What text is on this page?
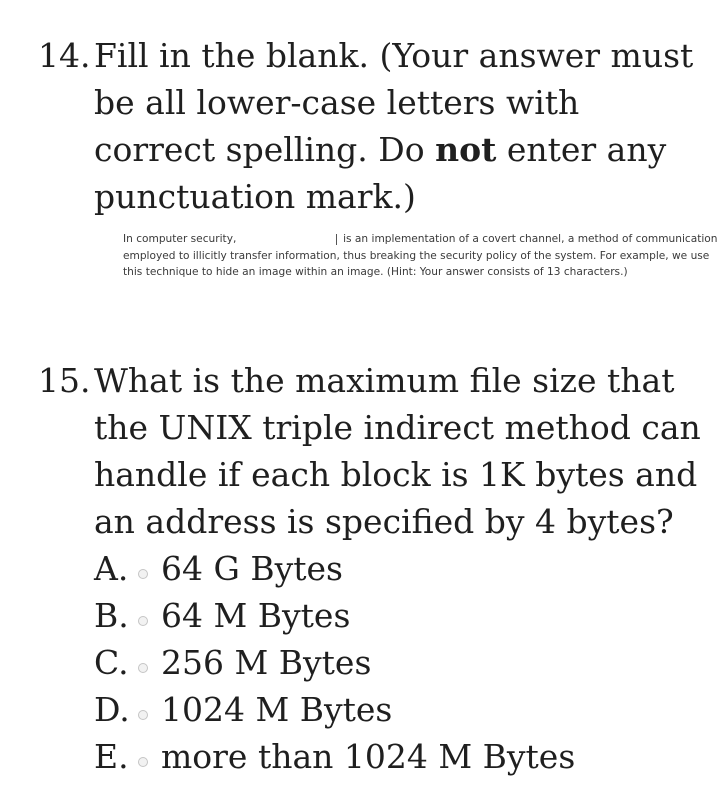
14. Fill in the blank. (Your answer must be all lower-case letters with correct spelling. Do not enter any punctuation mark.)
In computer security,	is an implementation of a covert channel, a method of communication employed to illicitly transfer information, thus breaking the security policy of the system. For example, we use this technique to hide an image within an image. (Hint: Your answer consists of 13 characters.)
15. What is the maximum file size that the UNIX triple indirect method can handle if each block is 1K bytes and an address is specified by 4 bytes?
A. 64 G Bytes
B. 64 M Bytes
C. 256 M Bytes
D. 1024 M Bytes
E. more than 1024 M Bytes
